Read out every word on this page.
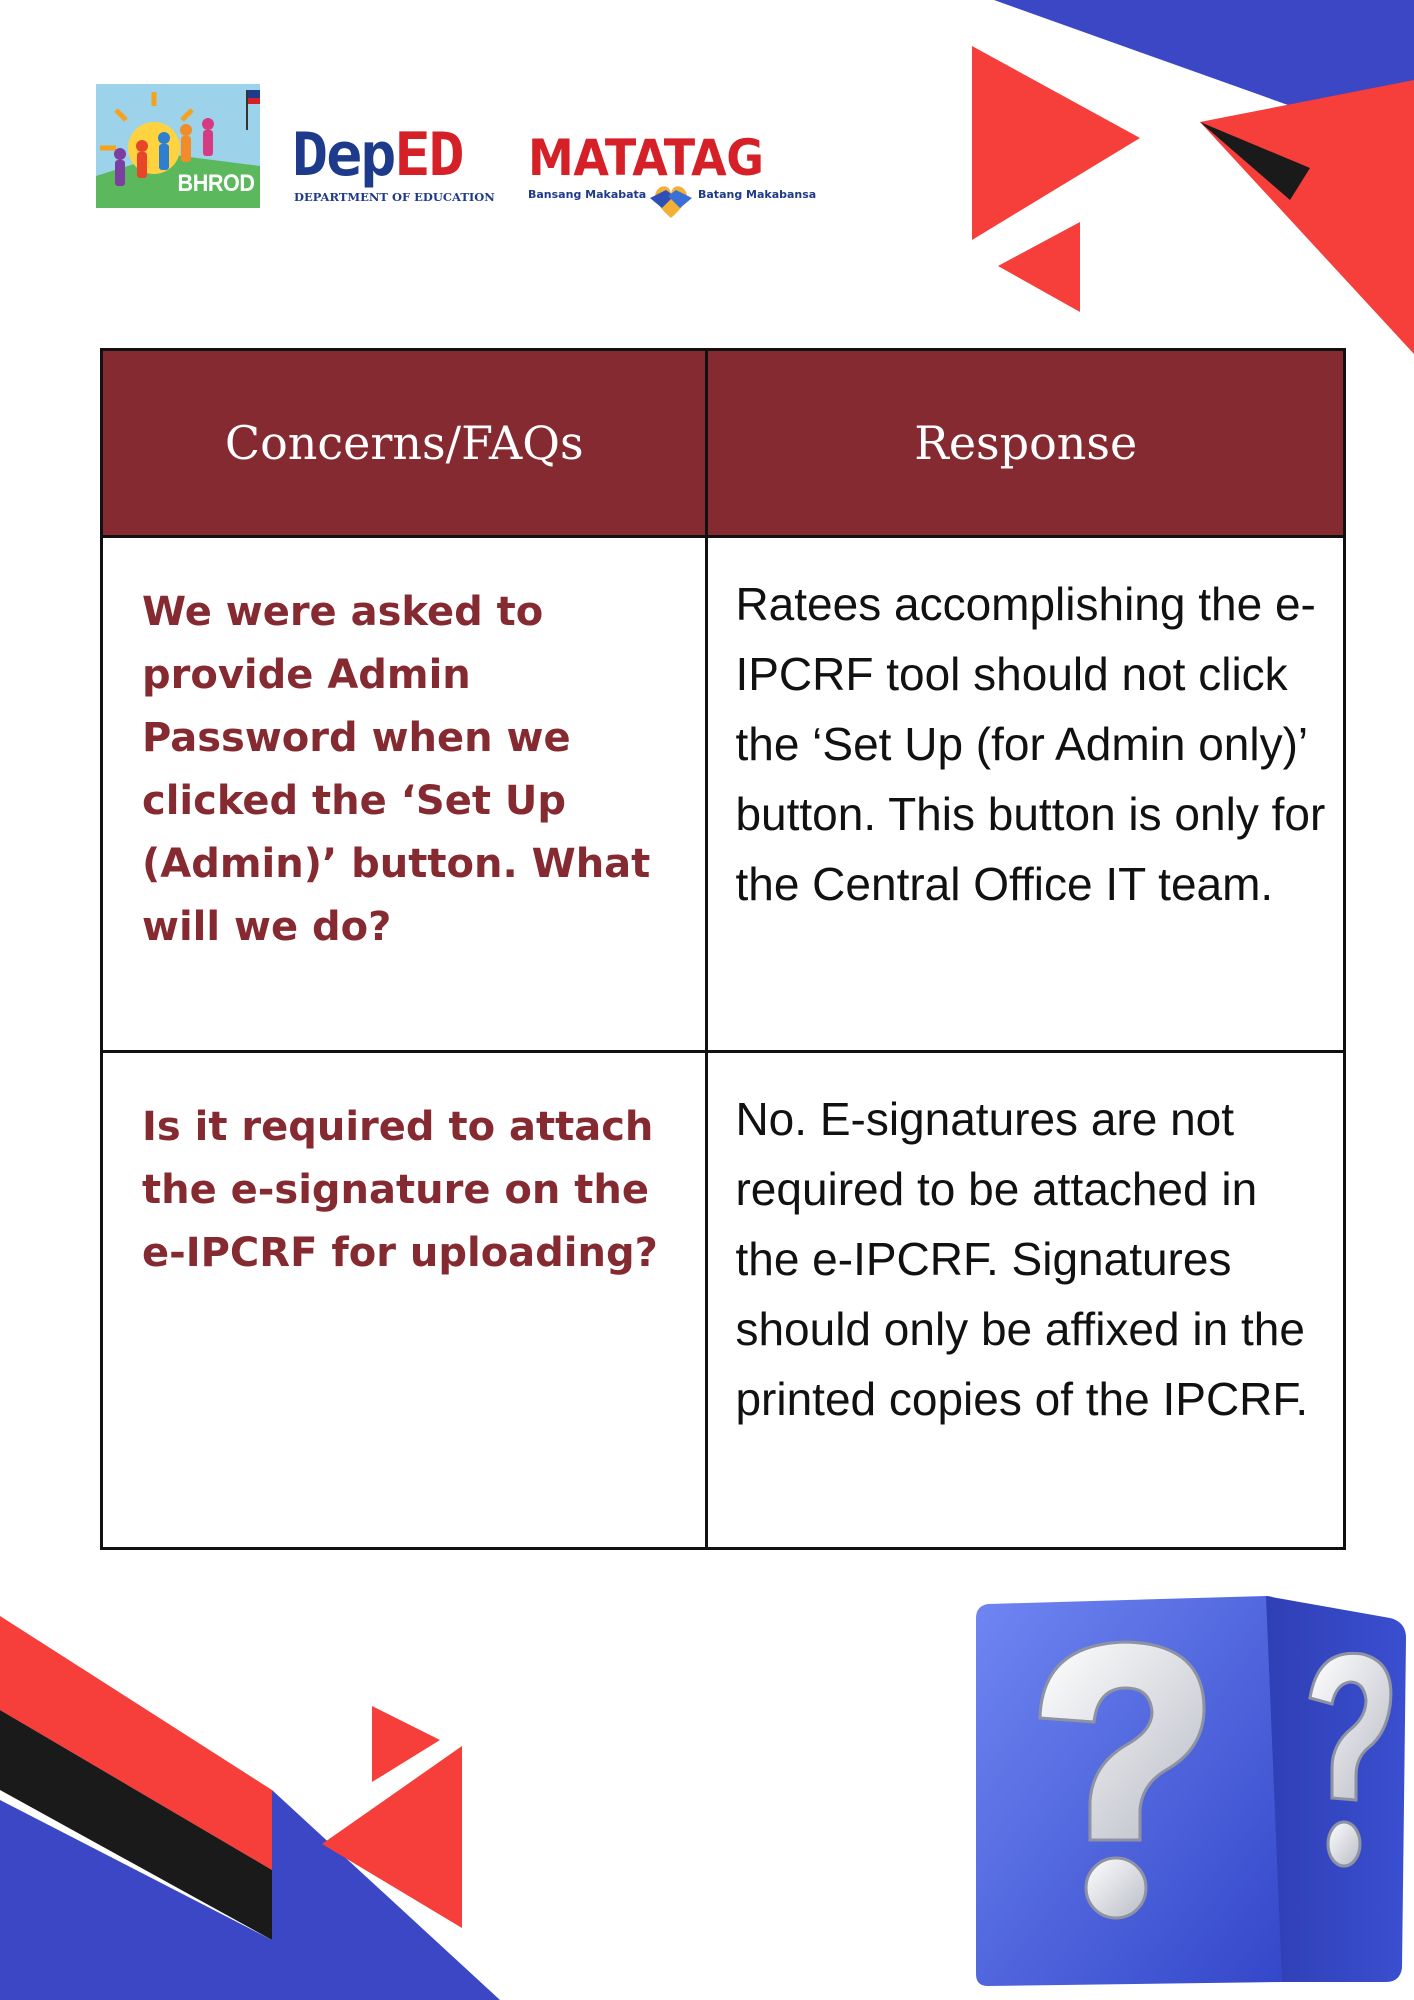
BHROD DepED
DEPARTMENT OF EDUCATION
MATATAG
Bansang Makabata	Batang Makabansa
Concerns/FAQs	Response

We were asked to provide Admin Password when we clicked the ‘Set Up (Admin)’ button. What will we do?	Ratees accomplishing the e-IPCRF tool should not click the ‘Set Up (for Admin only)’ button. This button is only for the Central Office IT team.

Is it required to attach the e-signature on the e-IPCRF for uploading?	No. E-signatures are not required to be attached in the e-IPCRF. Signatures should only be affixed in the printed copies of the IPCRF.
